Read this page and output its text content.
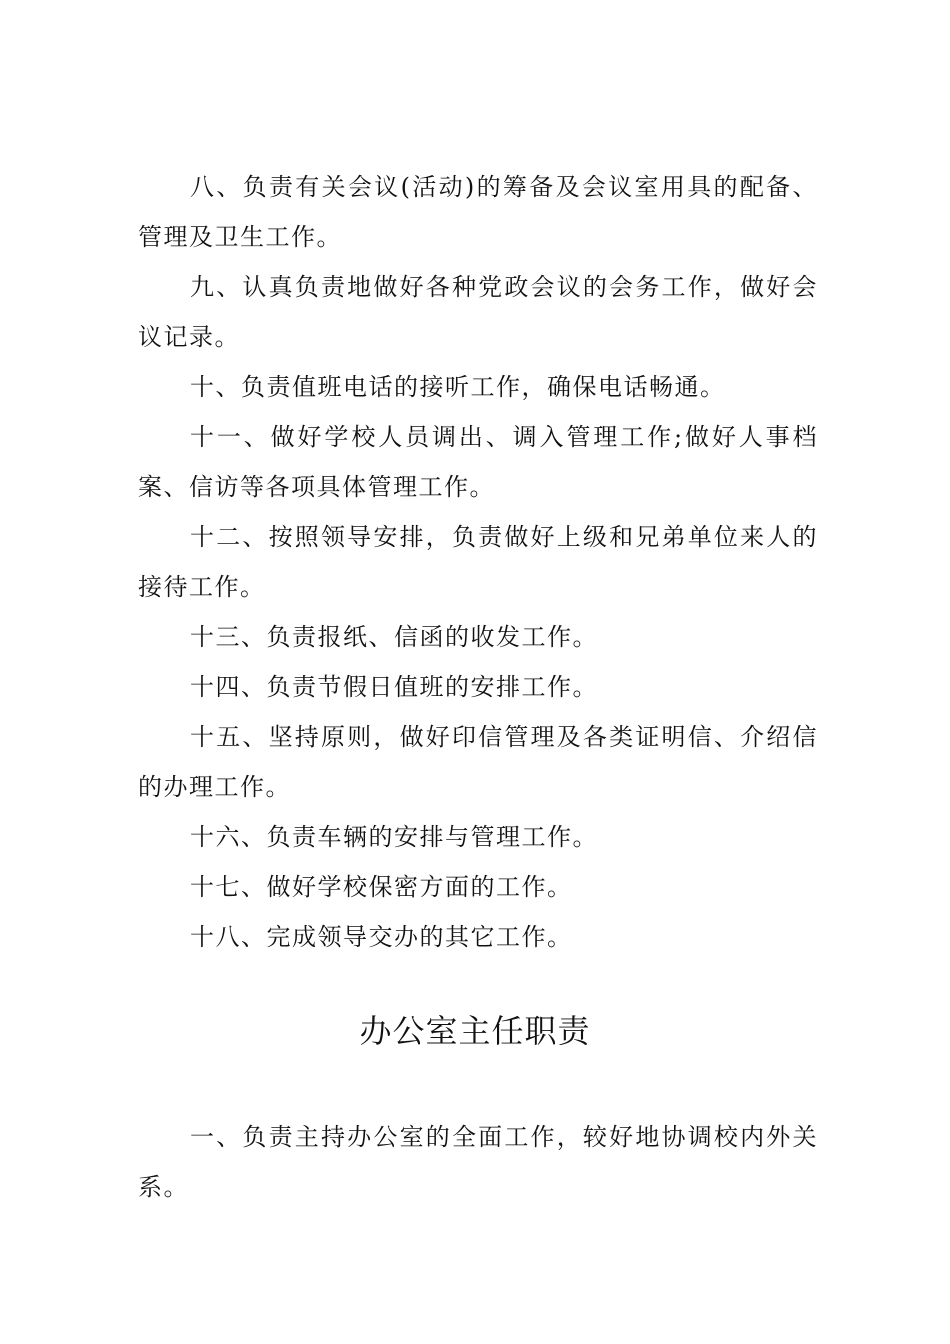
八、负责有关会议(活动)的筹备及会议室用具的配备、管理及卫生工作。

九、认真负责地做好各种党政会议的会务工作，做好会议记录。

十、负责值班电话的接听工作，确保电话畅通。

十一、做好学校人员调出、调入管理工作;做好人事档案、信访等各项具体管理工作。

十二、按照领导安排，负责做好上级和兄弟单位来人的接待工作。

十三、负责报纸、信函的收发工作。

十四、负责节假日值班的安排工作。

十五、坚持原则，做好印信管理及各类证明信、介绍信的办理工作。

十六、负责车辆的安排与管理工作。

十七、做好学校保密方面的工作。

十八、完成领导交办的其它工作。

办公室主任职责

一、负责主持办公室的全面工作，较好地协调校内外关系。
